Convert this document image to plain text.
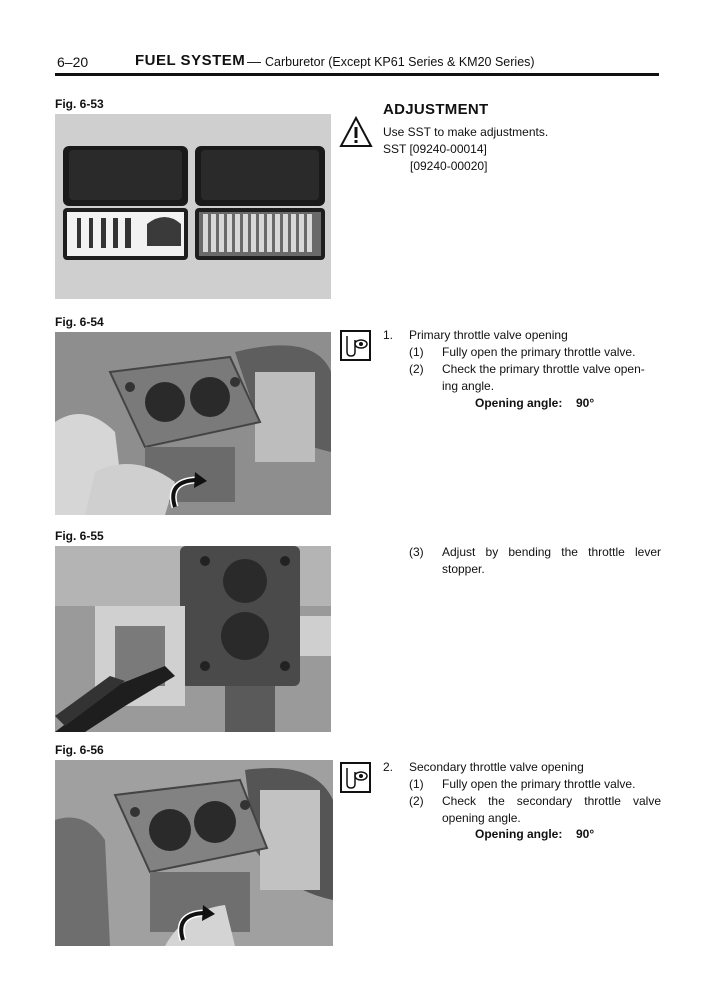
6–20	FUEL SYSTEM — Carburetor (Except KP61 Series & KM20 Series)
Fig. 6-53	ADJUSTMENT
Use SST to make adjustments.
SST [09240-00014]
[09240-00020]
Fig. 6-54
1. Primary throttle valve opening
(1) Fully open the primary throttle valve.
(2) Check the primary throttle valve open-
ing angle.
Opening angle: 90°
Fig. 6-55
(3) Adjust by bending the throttle lever
stopper.
Fig. 6-56
2. Secondary throttle valve opening
(1) Fully open the primary throttle valve.
(2) Check the secondary throttle valve
opening angle.
Opening angle: 90°
